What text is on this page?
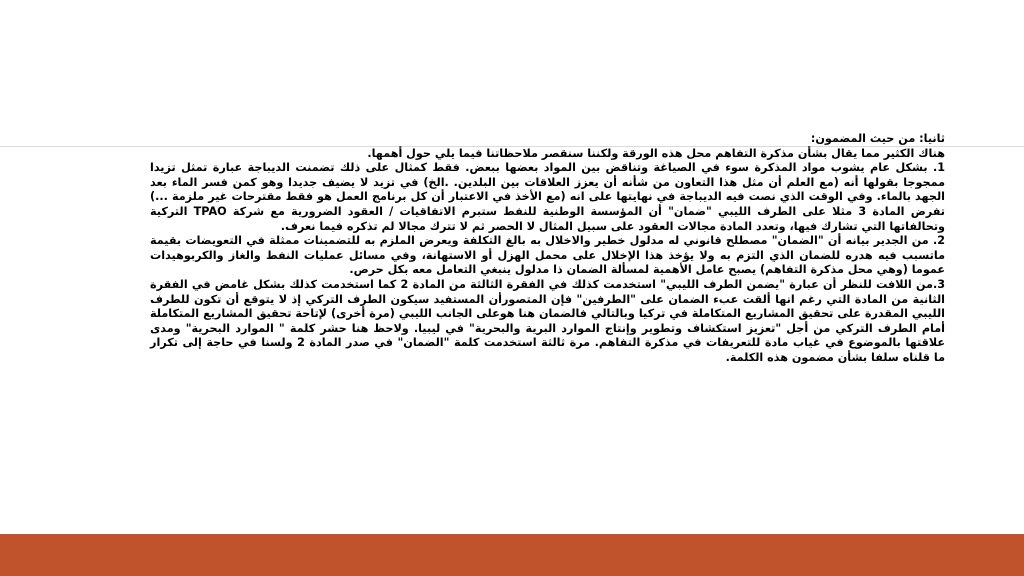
ثانيا: من حيث المضمون:

هناك الكثير مما يقال بشأن مذكرة التفاهم محل هذه الورقة ولكننا سنقصر ملاحظاتنا فيما يلي حول أهمها.

1. بشكل عام يشوب مواد المذكرة سوء في الصياغة وتناقض بين المواد بعضها ببعض. فقط كمثال على ذلك تضمنت الديباجة عبارة تمثل تزيدا ممجوجا بقولها أنه (مع العلم أن مثل هذا التعاون من شأنه أن يعزز العلاقات بين البلدين. .الخ) في تزيد لا يضيف جديدا وهو كمن فسر الماء بعد الجهد بالماء. وفي الوقت الذي نصت فيه الديباجة في نهايتها على انه (مع الأخذ في الاعتبار أن كل برنامج العمل هو فقط مقترحات غير ملزمة ...) تفرض المادة 3 مثلا على الطرف الليبي "ضمان" أن المؤسسة الوطنية للنفط ستبرم الاتفاقيات / العقود الضرورية مع شركة TPAO التركية وتحالفاتها التي تشارك فيها، وتعدد المادة مجالات العقود على سبيل المثال لا الحصر ثم لا تترك مجالا لم تذكره فيما نعرف.

2. من الجدير بيانه أن "الضمان" مصطلح قانوني له مدلول خطير والاخلال به بالغ التكلفة ويعرض الملزم به للتضمينات ممثلة في التعويضات بقيمة ماتسبب فيه هدره للضمان الذي التزم به ولا يؤخذ هذا الإخلال على محمل الهزل أو الاستهانة، وفي مسائل عمليات النفط والغاز والكربوهيدات عموما (وهي محل مذكرة التفاهم) يصبح عامل الأهمية لمسألة الضمان ذا مدلول ينبغي التعامل معه بكل حرص.

3.من اللافت للنظر أن عبارة "يضمن الطرف الليبي" استخدمت كذلك في الفقرة الثالثة من المادة 2 كما استخدمت كذلك بشكل غامض في الفقرة الثانية من المادة التي رغم انها ألقت عبء الضمان على "الطرفين" فإن المتصورأن المستفيد سيكون الطرف التركي إذ لا يتوقع أن تكون للطرف الليبي المقدرة على تحقيق المشاريع المتكاملة في تركيا وبالتالي فالضمان هنا هوعلى الجانب الليبي (مرة أخرى) لإتاحة تحقيق المشاريع المتكاملة أمام الطرف التركي من أجل "تعزيز استكشاف وتطوير وإنتاج الموارد البرية والبحرية" في ليبيا. ولاحظ هنا حشر كلمة " الموارد البحرية" ومدى علاقتها بالموضوع في غياب مادة للتعريفات في مذكرة التفاهم. مرة ثالثة استخدمت كلمة "الضمان" في صدر المادة 2 ولسنا في حاجة إلى تكرار ما قلناه سلفا بشأن مضمون هذه الكلمة.
